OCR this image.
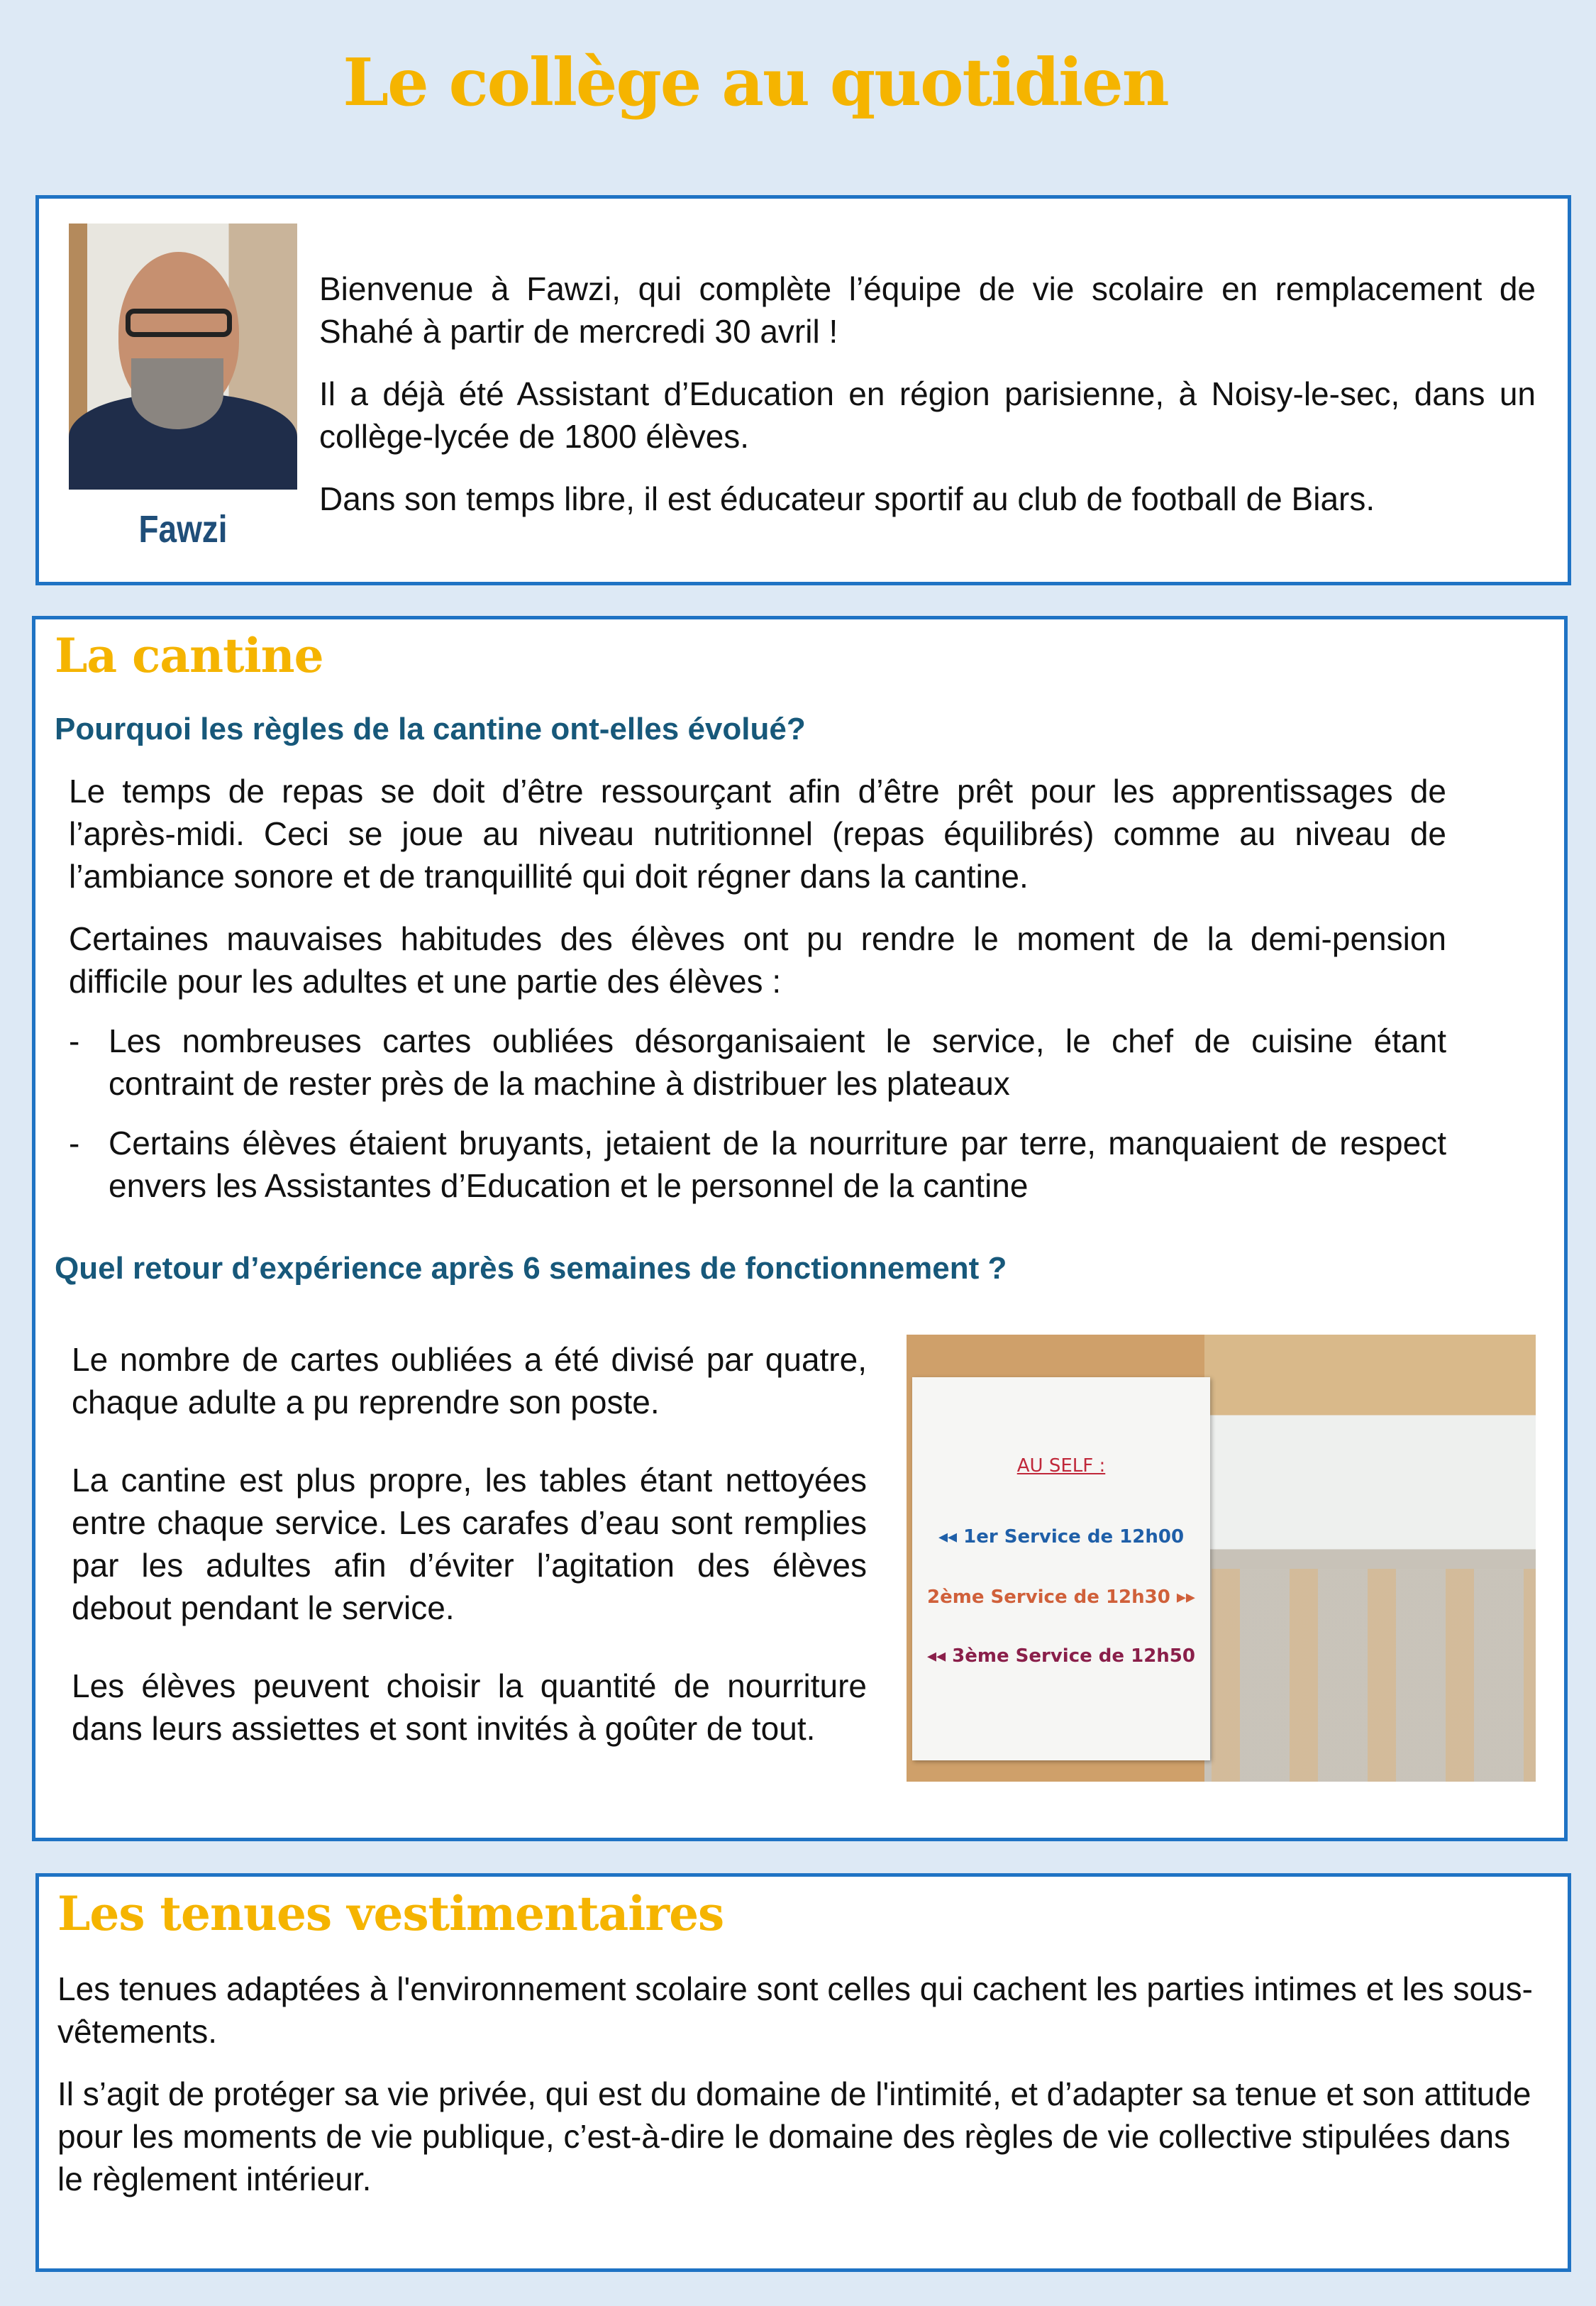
Le collège au quotidien
Fawzi

Bienvenue à Fawzi, qui complète l’équipe de vie scolaire en remplacement de Shahé à partir de mercredi 30 avril !

Il a déjà été Assistant d’Education en région parisienne, à Noisy-le-sec, dans un collège-lycée de 1800 élèves.

Dans son temps libre, il est éducateur sportif au club de football de Biars.

La cantine
Pourquoi les règles de la cantine ont-elles évolué?

Le temps de repas se doit d’être ressourçant afin d’être prêt pour les apprentissages de l’après-midi. Ceci se joue au niveau nutritionnel (repas équilibrés) comme au niveau de l’ambiance sonore et de tranquillité qui doit régner dans la cantine.

Certaines mauvaises habitudes des élèves ont pu rendre le moment de la demi-pension difficile pour les adultes et une partie des élèves :

- Les nombreuses cartes oubliées désorganisaient le service, le chef de cuisine étant contraint de rester près de la machine à distribuer les plateaux
- Certains élèves étaient bruyants, jetaient de la nourriture par terre, manquaient de respect envers les Assistantes d’Education et le personnel de la cantine
Quel retour d’expérience après 6 semaines de fonctionnement ?

Le nombre de cartes oubliées a été divisé par quatre, chaque adulte a pu reprendre son poste.

La cantine est plus propre, les tables étant nettoyées entre chaque service. Les carafes d’eau sont remplies par les adultes afin d’éviter l’agitation des élèves debout pendant le service.

Les élèves peuvent choisir la quantité de nourriture dans leurs assiettes et sont invités à goûter de tout.

AU SELF :
◂◂ 1er Service de 12h00
2ème Service de 12h30 ▸▸
◂◂ 3ème Service de 12h50
Les tenues vestimentaires

Les tenues adaptées à l'environnement scolaire sont celles qui cachent les parties intimes et les sous-vêtements.

Il s’agit de protéger sa vie privée, qui est du domaine de l'intimité, et d’adapter sa tenue et son attitude pour les moments de vie publique, c’est-à-dire le domaine des règles de vie collective stipulées dans le règlement intérieur.
